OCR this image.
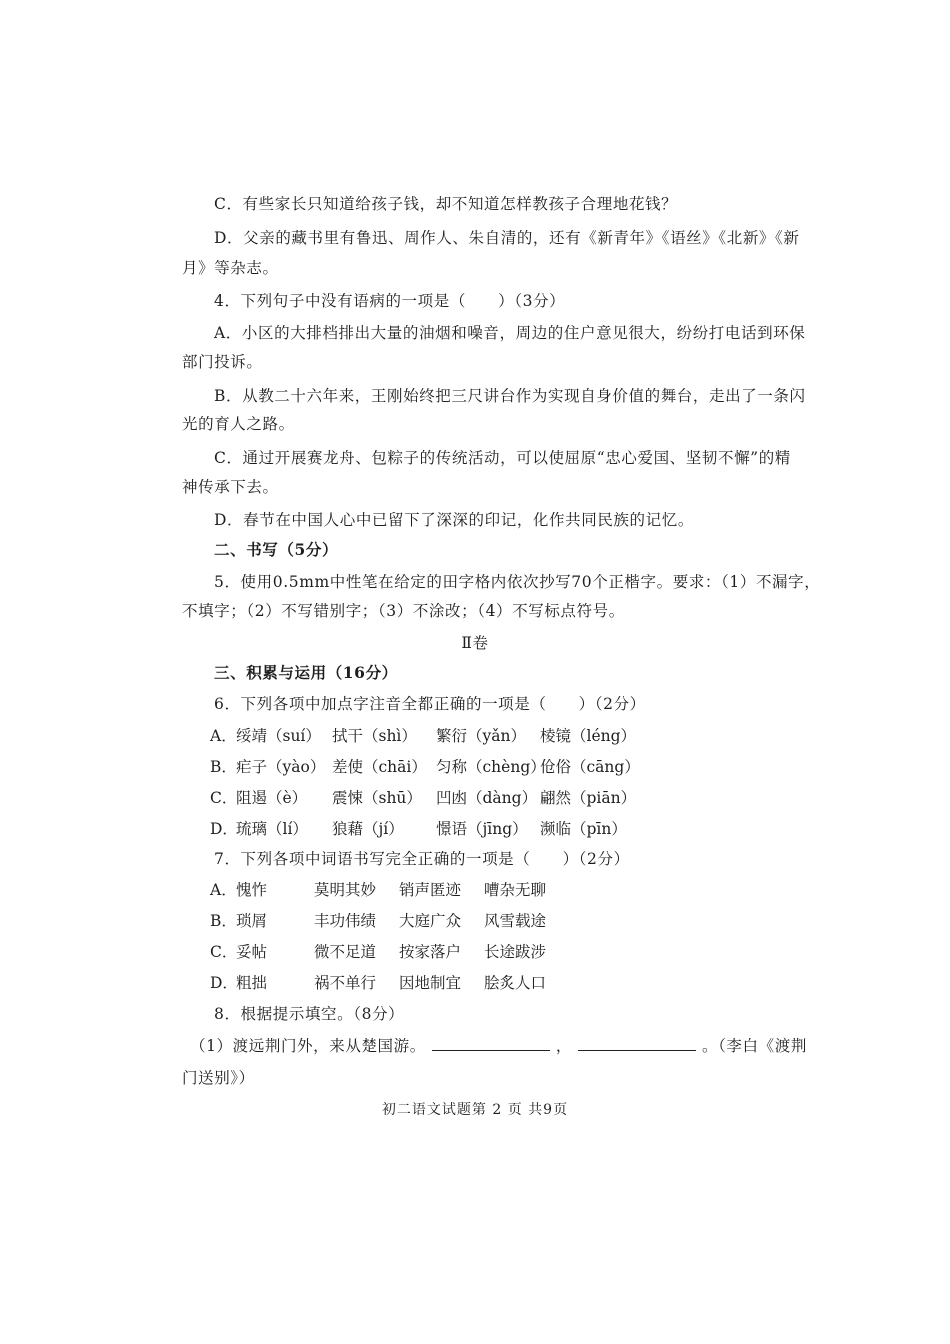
C．有些家长只知道给孩子钱，却不知道怎样教孩子合理地花钱？
D．父亲的藏书里有鲁迅、周作人、朱自清的，还有《新青年》《语丝》《北新》《新
月》等杂志。
4．下列句子中没有语病的一项是（　　）（3分）
A．小区的大排档排出大量的油烟和噪音，周边的住户意见很大，纷纷打电话到环保
部门投诉。
B．从教二十六年来，王刚始终把三尺讲台作为实现自身价值的舞台，走出了一条闪
光的育人之路。
C．通过开展赛龙舟、包粽子的传统活动，可以使屈原“忠心爱国、坚韧不懈”的精
神传承下去。
D．春节在中国人心中已留下了深深的印记，化作共同民族的记忆。
二、书写（5分）
5．使用0.5mm中性笔在给定的田字格内依次抄写70个正楷字。要求：（1）不漏字，
不填字；（2）不写错别字；（3）不涂改；（4）不写标点符号。
Ⅱ卷
三、积累与运用（16分）
6．下列各项中加点字注音全都正确的一项是（　　）（2分）
A．绥靖（suí） 拭干（shì） 繁衍（yǎn） 棱镜（léng）
B．疟子（yào） 差使（chāi） 匀称（chèng）伧俗（cāng）
C．阻遏（è） 震悚（shū） 凹凼（dàng） 翩然（piān）
D．琉璃（lí） 狼藉（jí） 憬语（jīng） 濒临（pīn）
7．下列各项中词语书写完全正确的一项是（　　）（2分）
A．愧怍	莫明其妙 销声匿迹 嘈杂无聊
B．琐屑	丰功伟绩 大庭广众 风雪载途
C．妥帖	微不足道 按家落户 长途跋涉
D．粗拙	祸不单行 因地制宜 脍炙人口
8．根据提示填空。（8分）
（1）渡远荆门外，来从楚国游。	，	。（李白《渡荆
门送别》）
初二语文试题第 2 页 共9页
